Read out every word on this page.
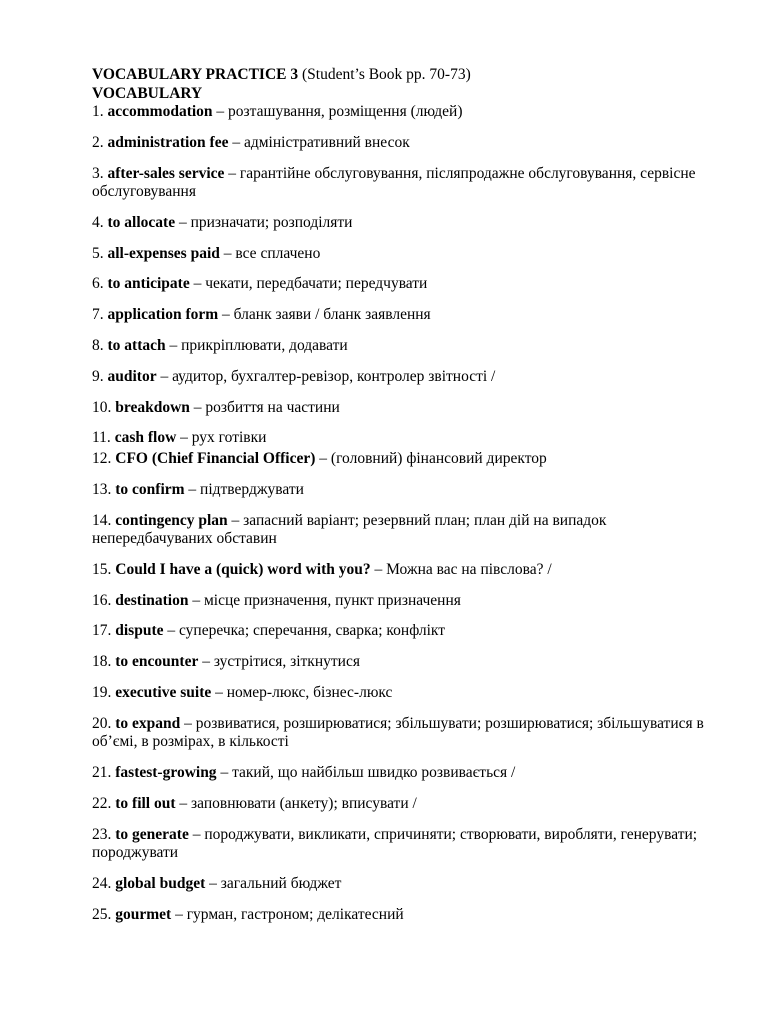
VOCABULARY PRACTICE 3 (Student’s Book pp. 70-73)

VOCABULARY

1. accommodation – розташування, розміщення (людей)

2. administration fee – адміністративний внесок

3. after-sales service – гарантійне обслуговування, післяпродажне обслуговування, сервісне обслуговування

4. to allocate – призначати; розподіляти

5. all-expenses paid – все сплачено

6. to anticipate – чекати, передбачати; передчувати

7. application form – бланк заяви / бланк заявлення

8. to attach – прикріплювати, додавати

9. auditor – аудитор, бухгалтер-ревізор, контролер звітності /

10. breakdown – розбиття на частини

11. cash flow – рух готівки

12. CFO (Chief Financial Officer) – (головний) фінансовий директор

13. to confirm – підтверджувати

14. contingency plan – запасний варіант; резервний план; план дій на випадок непередбачуваних обставин

15. Could I have a (quick) word with you? – Можна вас на півслова? /

16. destination – місце призначення, пункт призначення

17. dispute – суперечка; сперечання, сварка; конфлікт

18. to encounter – зустрітися, зіткнутися

19. executive suite – номер-люкс, бізнес-люкс

20. to expand – розвиватися, розширюватися; збільшувати; розширюватися; збільшуватися в об’ємі, в розмірах, в кількості

21. fastest-growing – такий, що найбільш швидко розвивається /

22. to fill out – заповнювати (анкету); вписувати /

23. to generate – породжувати, викликати, спричиняти; створювати, виробляти, генерувати; породжувати

24. global budget – загальний бюджет

25. gourmet – гурман, гастроном; делікатесний
